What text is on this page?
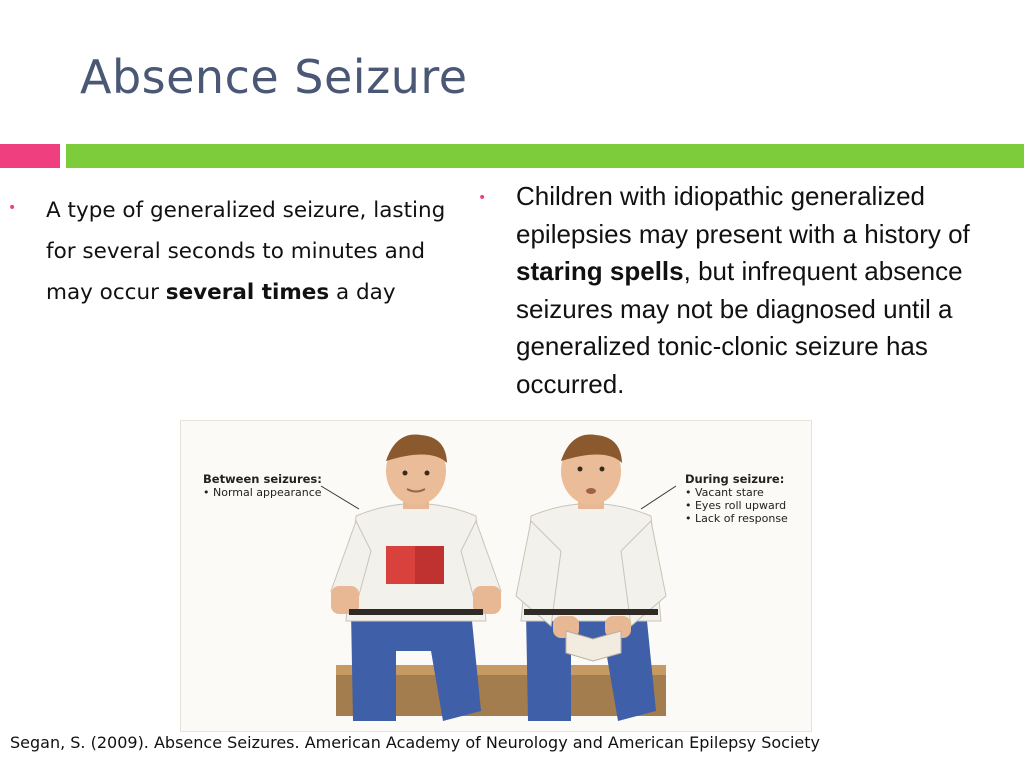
Absence Seizure
• A type of generalized seizure, lasting for several seconds to minutes and may occur several times a day
• Children with idiopathic generalized epilepsies may present with a history of staring spells, but infrequent absence seizures may not be diagnosed until a generalized tonic-clonic seizure has occurred.
Between seizures:
• Normal appearance
During seizure:
• Vacant stare
• Eyes roll upward
• Lack of response
Segan, S. (2009). Absence Seizures. American Academy of Neurology and American Epilepsy Society
